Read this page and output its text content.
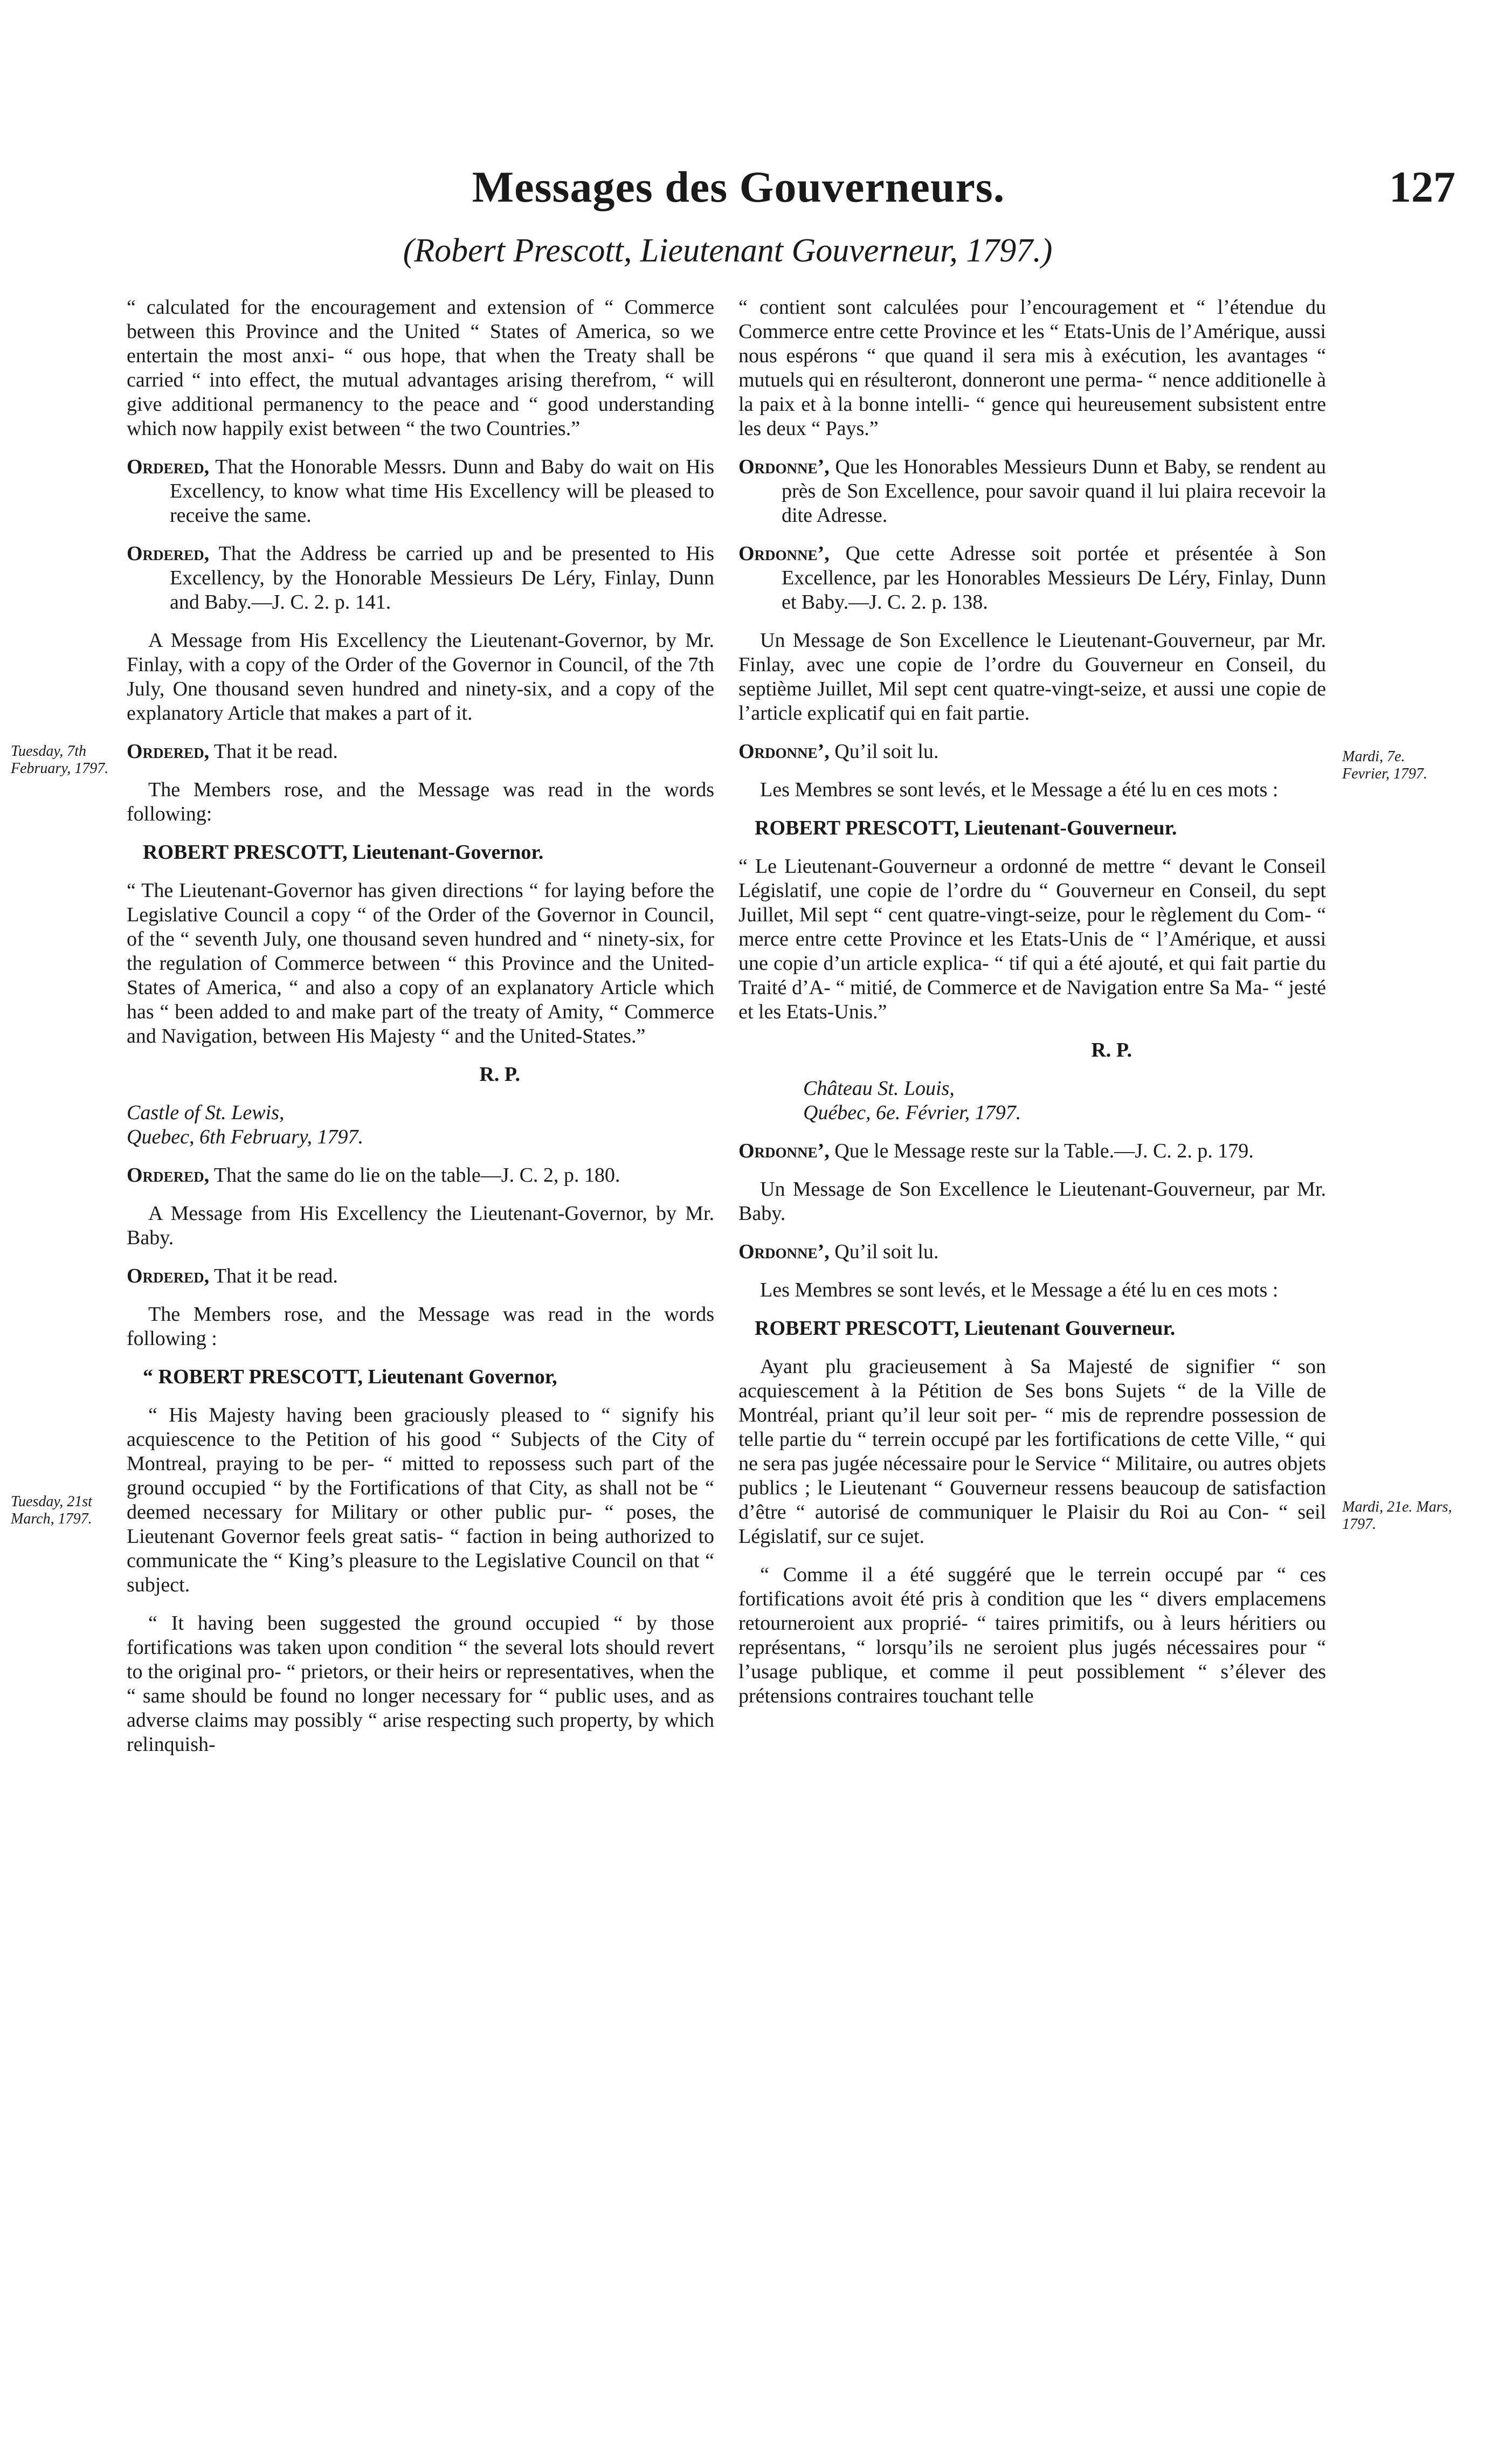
Messages des Gouverneurs.	127
(Robert Prescott, Lieutenant Gouverneur, 1797.)
Tuesday, 7th February, 1797.
Mardi, 7e. Fevrier, 1797.
Tuesday, 21st March, 1797.
Mardi, 21e. Mars, 1797.

“ calculated for the encouragement and extension of “ Commerce between this Province and the United “ States of America, so we entertain the most anxi- “ ous hope, that when the Treaty shall be carried “ into effect, the mutual advantages arising therefrom, “ will give additional permanency to the peace and “ good understanding which now happily exist between “ the two Countries.”

Ordered, That the Honorable Messrs. Dunn and Baby do wait on His Excellency, to know what time His Excellency will be pleased to receive the same.

Ordered, That the Address be carried up and be presented to His Excellency, by the Honorable Messieurs De Léry, Finlay, Dunn and Baby.—J. C. 2. p. 141.

A Message from His Excellency the Lieutenant-Governor, by Mr. Finlay, with a copy of the Order of the Governor in Council, of the 7th July, One thousand seven hundred and ninety-six, and a copy of the explanatory Article that makes a part of it.

Ordered, That it be read.

The Members rose, and the Message was read in the words following:

ROBERT PRESCOTT, Lieutenant-Governor.

“ The Lieutenant-Governor has given directions “ for laying before the Legislative Council a copy “ of the Order of the Governor in Council, of the “ seventh July, one thousand seven hundred and “ ninety-six, for the regulation of Commerce between “ this Province and the United-States of America, “ and also a copy of an explanatory Article which has “ been added to and make part of the treaty of Amity, “ Commerce and Navigation, between His Majesty “ and the United-States.”

R. P.

Castle of St. Lewis,
Quebec, 6th February, 1797.

Ordered, That the same do lie on the table—J. C. 2, p. 180.

A Message from His Excellency the Lieutenant-Governor, by Mr. Baby.

Ordered, That it be read.

The Members rose, and the Message was read in the words following :

“ ROBERT PRESCOTT, Lieutenant Governor,

“ His Majesty having been graciously pleased to “ signify his acquiescence to the Petition of his good “ Subjects of the City of Montreal, praying to be per- “ mitted to repossess such part of the ground occupied “ by the Fortifications of that City, as shall not be “ deemed necessary for Military or other public pur- “ poses, the Lieutenant Governor feels great satis- “ faction in being authorized to communicate the “ King’s pleasure to the Legislative Council on that “ subject.

“ It having been suggested the ground occupied “ by those fortifications was taken upon condition “ the several lots should revert to the original pro- “ prietors, or their heirs or representatives, when the “ same should be found no longer necessary for “ public uses, and as adverse claims may possibly “ arise respecting such property, by which relinquish-

“ contient sont calculées pour l’encouragement et “ l’étendue du Commerce entre cette Province et les “ Etats-Unis de l’Amérique, aussi nous espérons “ que quand il sera mis à exécution, les avantages “ mutuels qui en résulteront, donneront une perma- “ nence additionelle à la paix et à la bonne intelli- “ gence qui heureusement subsistent entre les deux “ Pays.”

Ordonne’, Que les Honorables Messieurs Dunn et Baby, se rendent au près de Son Excellence, pour savoir quand il lui plaira recevoir la dite Adresse.

Ordonne’, Que cette Adresse soit portée et présentée à Son Excellence, par les Honorables Messieurs De Léry, Finlay, Dunn et Baby.—J. C. 2. p. 138.

Un Message de Son Excellence le Lieutenant-Gouverneur, par Mr. Finlay, avec une copie de l’ordre du Gouverneur en Conseil, du septième Juillet, Mil sept cent quatre-vingt-seize, et aussi une copie de l’article explicatif qui en fait partie.

Ordonne’, Qu’il soit lu.

Les Membres se sont levés, et le Message a été lu en ces mots :

ROBERT PRESCOTT, Lieutenant-Gouverneur.

“ Le Lieutenant-Gouverneur a ordonné de mettre “ devant le Conseil Législatif, une copie de l’ordre du “ Gouverneur en Conseil, du sept Juillet, Mil sept “ cent quatre-vingt-seize, pour le règlement du Com- “ merce entre cette Province et les Etats-Unis de “ l’Amérique, et aussi une copie d’un article explica- “ tif qui a été ajouté, et qui fait partie du Traité d’A- “ mitié, de Commerce et de Navigation entre Sa Ma- “ jesté et les Etats-Unis.”

R. P.

Château St. Louis,
Québec, 6e. Février, 1797.

Ordonne’, Que le Message reste sur la Table.—J. C. 2. p. 179.

Un Message de Son Excellence le Lieutenant-Gouverneur, par Mr. Baby.

Ordonne’, Qu’il soit lu.

Les Membres se sont levés, et le Message a été lu en ces mots :

ROBERT PRESCOTT, Lieutenant Gouverneur.

Ayant plu gracieusement à Sa Majesté de signifier “ son acquiescement à la Pétition de Ses bons Sujets “ de la Ville de Montréal, priant qu’il leur soit per- “ mis de reprendre possession de telle partie du “ terrein occupé par les fortifications de cette Ville, “ qui ne sera pas jugée nécessaire pour le Service “ Militaire, ou autres objets publics ; le Lieutenant “ Gouverneur ressens beaucoup de satisfaction d’être “ autorisé de communiquer le Plaisir du Roi au Con- “ seil Législatif, sur ce sujet.

“ Comme il a été suggéré que le terrein occupé par “ ces fortifications avoit été pris à condition que les “ divers emplacemens retourneroient aux proprié- “ taires primitifs, ou à leurs héritiers ou représentans, “ lorsqu’ils ne seroient plus jugés nécessaires pour “ l’usage publique, et comme il peut possiblement “ s’élever des prétensions contraires touchant telle
